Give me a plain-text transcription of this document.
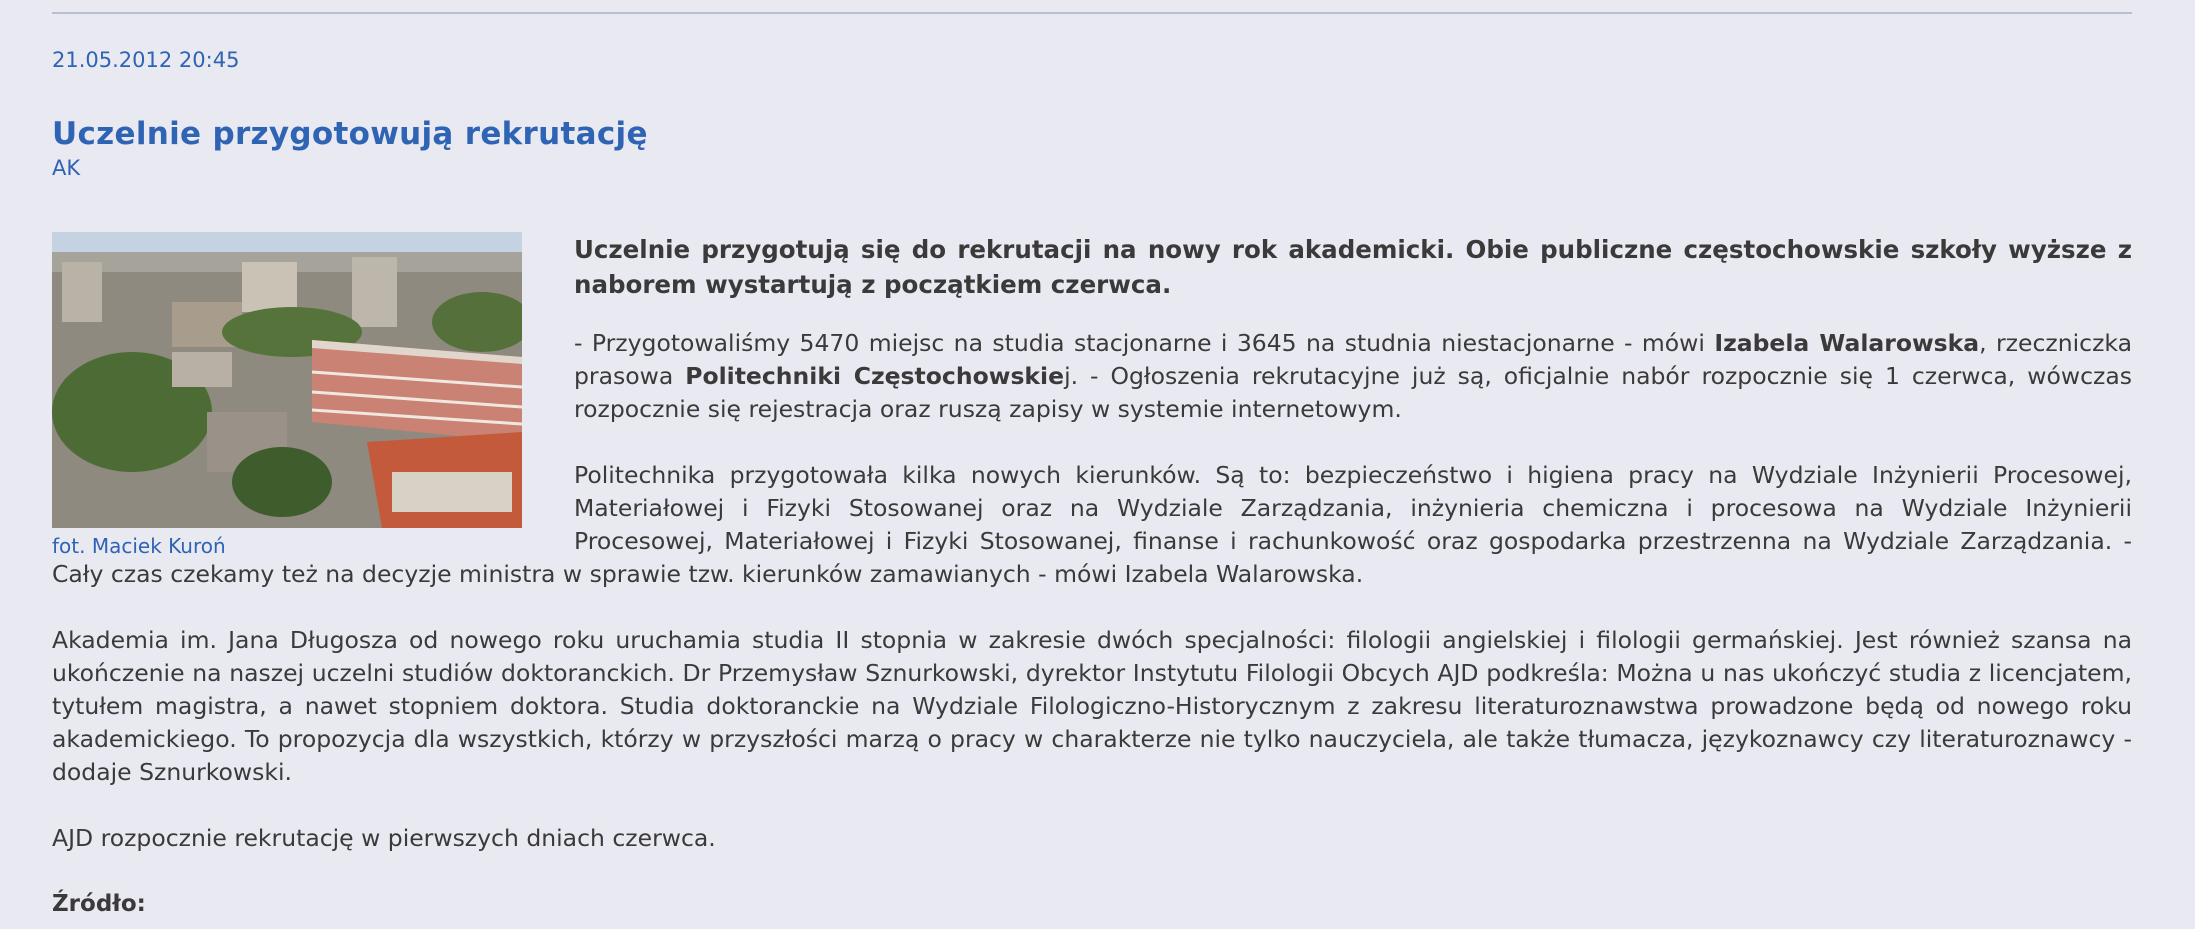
21.05.2012 20:45

Uczelnie przygotowują rekrutację

AK

fot. Maciek Kuroń

Uczelnie przygotują się do rekrutacji na nowy rok akademicki. Obie publiczne częstochowskie szkoły wyższe z naborem wystartują z początkiem czerwca.

- Przygotowaliśmy 5470 miejsc na studia stacjonarne i 3645 na studnia niestacjonarne - mówi Izabela Walarowska, rzeczniczka prasowa Politechniki Częstochowskiej. - Ogłoszenia rekrutacyjne już są, oficjalnie nabór rozpocznie się 1 czerwca, wówczas rozpocznie się rejestracja oraz ruszą zapisy w systemie internetowym.

Politechnika przygotowała kilka nowych kierunków. Są to: bezpieczeństwo i higiena pracy na Wydziale Inżynierii Procesowej, Materiałowej i Fizyki Stosowanej oraz na Wydziale Zarządzania, inżynieria chemiczna i procesowa na Wydziale Inżynierii Procesowej, Materiałowej i Fizyki Stosowanej, finanse i rachunkowość oraz gospodarka przestrzenna na Wydziale Zarządzania. - Cały czas czekamy też na decyzje ministra w sprawie tzw. kierunków zamawianych - mówi Izabela Walarowska.

Akademia im. Jana Długosza od nowego roku uruchamia studia II stopnia w zakresie dwóch specjalności: filologii angielskiej i filologii germańskiej. Jest również szansa na ukończenie na naszej uczelni studiów doktoranckich. Dr Przemysław Sznurkowski, dyrektor Instytutu Filologii Obcych AJD podkreśla: Można u nas ukończyć studia z licencjatem, tytułem magistra, a nawet stopniem doktora. Studia doktoranckie na Wydziale Filologiczno-Historycznym z zakresu literaturoznawstwa prowadzone będą od nowego roku akademickiego. To propozycja dla wszystkich, którzy w przyszłości marzą o pracy w charakterze nie tylko nauczyciela, ale także tłumacza, językoznawcy czy literaturoznawcy - dodaje Sznurkowski.

AJD rozpocznie rekrutację w pierwszych dniach czerwca.

Źródło:
